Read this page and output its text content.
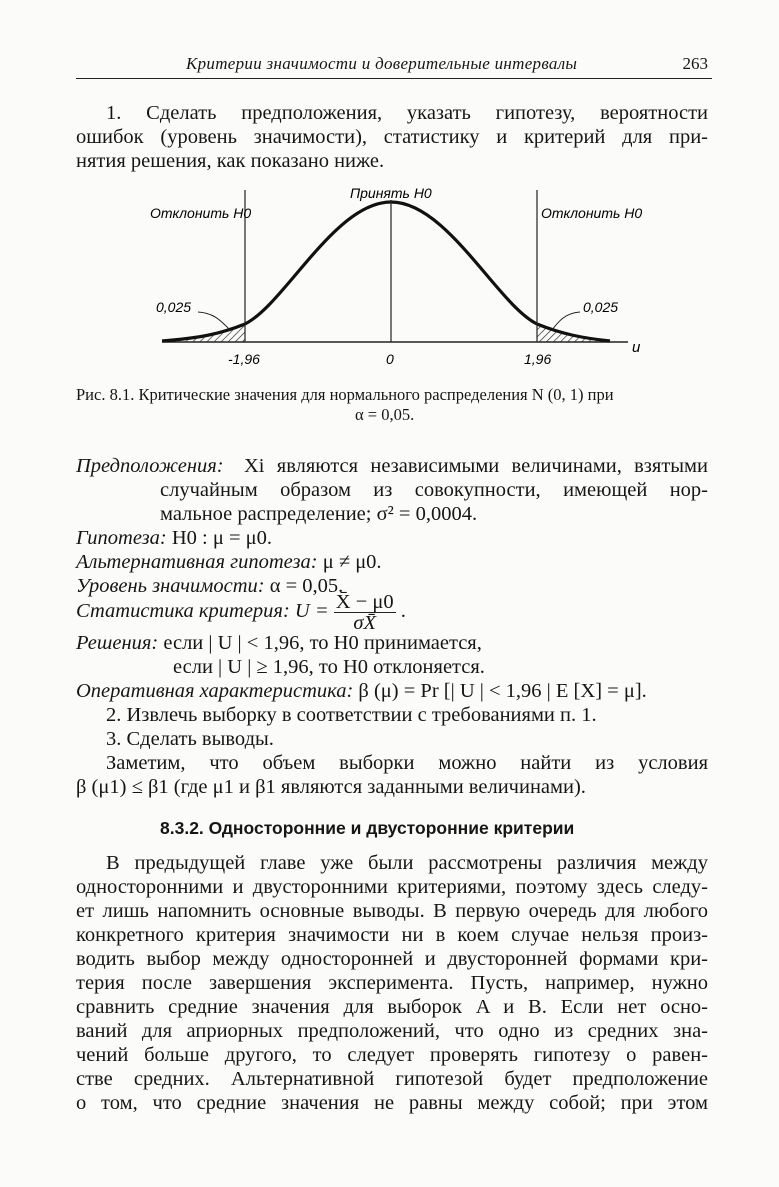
Критерии значимости и доверительные интервалы	263
1. Сделать предположения, указать гипотезу, вероятности
ошибок (уровень значимости), статистику и критерий для при-
нятия решения, как показано ниже.
Отклонить H0
Принять H0
Отклонить H0
0,025	0,025
-1,96	0	1,96
u
Рис. 8.1. Критические значения для нормального распределения N (0, 1) при
α = 0,05.
Предположения: Xi являются независимыми величинами, взятыми
случайным образом из совокупности, имеющей нор-
мальное распределение; σ² = 0,0004.
Гипотеза: H0 : μ = μ0.
Альтернативная гипотеза: μ ≠ μ0.
Уровень значимости: α = 0,05.
Статистика критерия: $U = \frac{X̄ - \mu 0}{\sigma X̄}$ .
Решения: если | U | < 1,96, то H0 принимается,
если | U | ≥ 1,96, то H0 отклоняется.
Оперативная характеристика: β (μ) = Pr [| U | < 1,96 | E [X] = μ].
2. Извлечь выборку в соответствии с требованиями п. 1.
3. Сделать выводы.
Заметим, что объем выборки можно найти из условия
β (μ1) ≤ β1 (где μ1 и β1 являются заданными величинами).
8.3.2. Односторонние и двусторонние критерии
В предыдущей главе уже были рассмотрены различия между
односторонними и двусторонними критериями, поэтому здесь следу-
ет лишь напомнить основные выводы. В первую очередь для любого
конкретного критерия значимости ни в коем случае нельзя произ-
водить выбор между односторонней и двусторонней формами кри-
терия после завершения эксперимента. Пусть, например, нужно
сравнить средние значения для выборок A и B. Если нет осно-
ваний для априорных предположений, что одно из средних зна-
чений больше другого, то следует проверять гипотезу о равен-
стве средних. Альтернативной гипотезой будет предположение
о том, что средние значения не равны между собой; при этом
